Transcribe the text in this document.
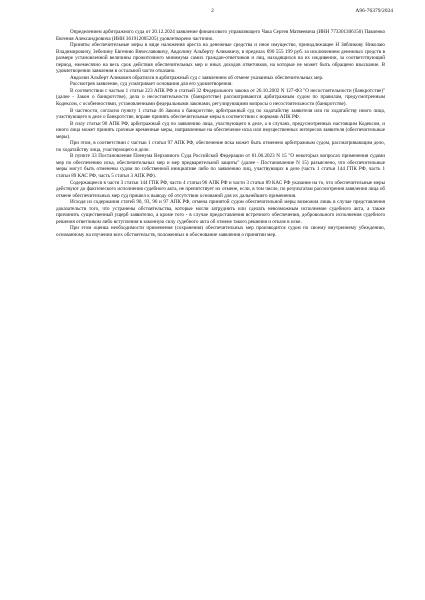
2	А96-76379/2024

Определением арбитражного суда от 20.12.2024 заявление финансового управляющего Чака Сергея Матвеевича (ИНН 773301306150) Павленко Евгения Александровича (ИНН 361912005205) удовлетворено частично.

Приняты обеспечительные меры в виде наложения ареста на денежные средства и иное имущество, принадлежащее Н Зябликову Николаю Владимировичу, Зебелину Евгению Вячеславовичу, Авдолину Альберту Аликовичу, в пределах 690 555 199 руб. за исключением денежных средств в размере установленной величины прожиточного минимума самих граждан-ответчиков и лиц, находящихся на их иждивении, за соответствующий период, ежемесячно на весь срок действия обеспечительных мер и иных доходов ответчиков, на которые не может быть обращено взыскание. В удовлетворении заявления в остальной части отказано.

Авдолин Альберт Аликович обратился в арбитражный суд с заявлением об отмене указанных обеспечительных мер.

Рассмотрев заявление, суд усматривает основания для его удовлетворения.

В соответствии с частью 1 статьи 223 АПК РФ и статьей 32 Федерального закона от 26.10.2002 N 127-ФЗ "О несостоятельности (банкротстве)" (далее - Закон о банкротстве), дела о несостоятельности (банкротстве) рассматриваются арбитражным судом по правилам, предусмотренным Кодексом, с особенностями, установленными федеральными законами, регулирующими вопросы о несостоятельности (банкротстве).

В частности, согласно пункту 1 статьи 46 Закона о банкротстве, арбитражный суд по ходатайству заявителя или по ходатайству иного лица, участвующего в деле о банкротстве, вправе принять обеспечительные меры в соответствии с нормами АПК РФ.

В силу статьи 90 АПК РФ, арбитражный суд по заявлению лица, участвующего в деле, а в случаях, предусмотренных настоящим Кодексом, и иного лица может принять срочные временные меры, направленные на обеспечение иска или имущественных интересов заявителя (обеспечительные меры).

При этом, в соответствии с частью 1 статьи 97 АПК РФ, обеспечение иска может быть отменено арбитражным судом, рассматривающим дело, по ходатайству лица, участвующего в деле.

В пункте 33 Постановления Пленума Верховного Суда Российской Федерации от 01.06.2023 N 15 "О некоторых вопросах применения судами мер по обеспечению иска, обеспечительных мер и мер предварительной защиты" (далее - Постановление N 15) разъяснено, что обеспечительные меры могут быть отменены судом по собственной инициативе либо по заявлению лиц, участвующих в деле (часть 1 статьи 144 ГПК РФ, часть 1 статьи 89 КАС РФ, часть 5 статьи 3 АПК РФ).

Содержащееся в части 3 статьи 144 ГПК РФ, части 4 статьи 96 АПК РФ и части 3 статьи 89 КАС РФ указание на то, что обеспечительные меры действуют до фактического исполнения судебного акта, не препятствует их отмене, если, в том числе, по результатам рассмотрения заявления лица об отмене обеспечительных мер суд пришел к выводу об отсутствии оснований для их дальнейшего применения.

Исходя из содержания статей 90, 93, 96 и 97 АПК РФ, отмена принятой судом обеспечительной меры возможна лишь в случае представления доказательств того, что устранены обстоятельства, которые могли затруднить или сделать невозможным исполнение судебного акта, а также причинить существенный ущерб заявителю, а кроме того - в случае предоставления встречного обеспечения, добровольного исполнения судебного решения ответчиком либо вступления в законную силу судебного акта об отмене такого решения и отказе в иске.

При этом оценка необходимости применения (сохранения) обеспечительных мер производится судом по своему внутреннему убеждению, основанному на изучении всех обстоятельств, положенных в обоснование заявления о принятии мер.
